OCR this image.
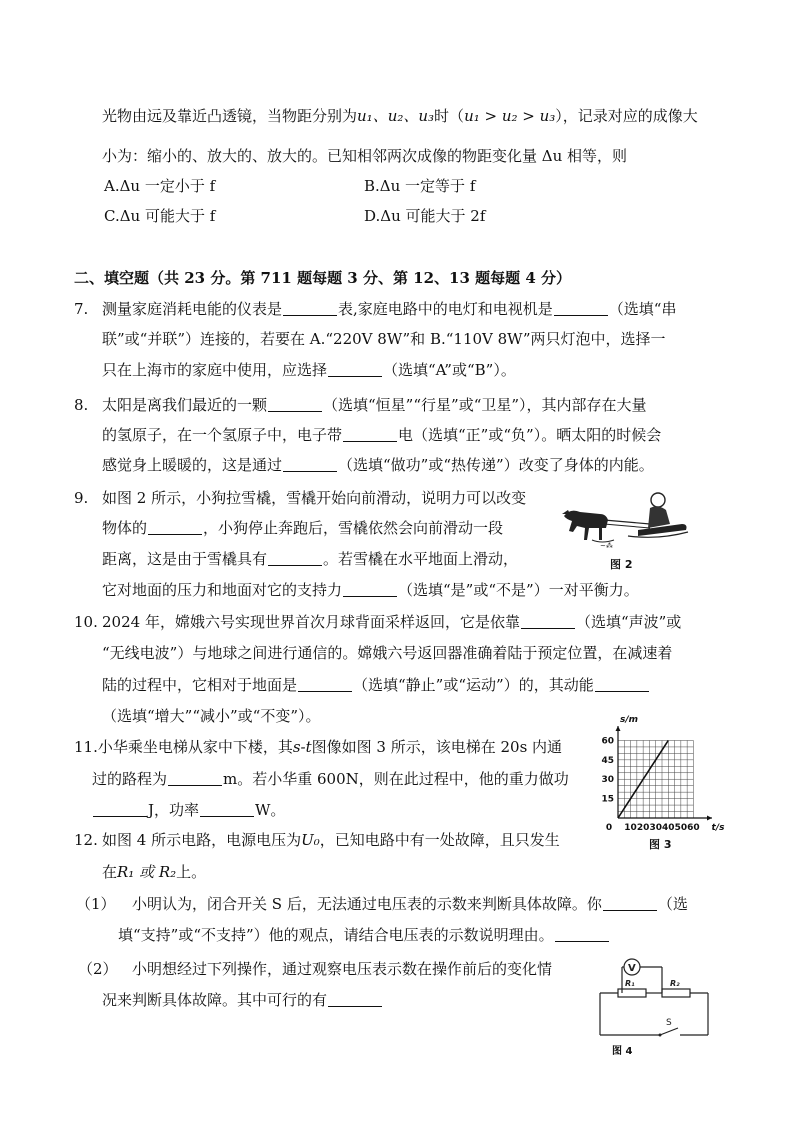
光物由远及靠近凸透镜，当物距分别为u₁、u₂、u₃时（u₁ > u₂ > u₃），记录对应的成像大
小为：缩小的、放大的、放大的。已知相邻两次成像的物距变化量 Δu 相等，则
A.Δu 一定小于 f	B.Δu 一定等于 f
C.Δu 可能大于 f	D.Δu 可能大于 2f
二、填空题（共 23 分。第 711 题每题 3 分、第 12、13 题每题 4 分）
7. 测量家庭消耗电能的仪表是	表,家庭电路中的电灯和电视机是	（选填“串
联”或“并联”）连接的，若要在 A.“220V 8W”和 B.“110V 8W”两只灯泡中，选择一
只在上海市的家庭中使用，应选择	（选填“A”或“B”）。
8. 太阳是离我们最近的一颗	（选填“恒星”“行星”或“卫星”），其内部存在大量
的氢原子，在一个氢原子中，电子带	电（选填“正”或“负”）。晒太阳的时候会
感觉身上暖暖的，这是通过	（选填“做功”或“热传递”）改变了身体的内能。
9. 如图 2 所示，小狗拉雪橇，雪橇开始向前滑动，说明力可以改变
物体的	，小狗停止奔跑后，雪橇依然会向前滑动一段
距离，这是由于雪橇具有	。若雪橇在水平地面上滑动，
它对地面的压力和地面对它的支持力	（选填“是”或“不是”）一对平衡力。
~⁂
图 2
10. 2024 年，嫦娥六号实现世界首次月球背面采样返回，它是依靠	（选填“声波”或
“无线电波”）与地球之间进行通信的。嫦娥六号返回器准确着陆于预定位置，在减速着
陆的过程中，它相对于地面是	（选填“静止”或“运动”）的，其动能
（选填“增大”“减小”或“不变”）。
11.小华乘坐电梯从家中下楼，其s-t图像如图 3 所示，该电梯在 20s 内通
过的路程为	m。若小华重 600N，则在此过程中，他的重力做功
J，功率	W。
0 10 20 30 40 50 60
15
30
45
60
s/m
t/s
图 3
12. 如图 4 所示电路，电源电压为U₀，已知电路中有一处故障，且只发生
在R₁ 或 R₂上。
（1） 小明认为，闭合开关 S 后，无法通过电压表的示数来判断具体故障。你	（选
填“支持”或“不支持”）他的观点，请结合电压表的示数说明理由。
（2） 小明想经过下列操作，通过观察电压表示数在操作前后的变化情
况来判断具体故障。其中可行的有
V
R₁	R₂
S
图 4
